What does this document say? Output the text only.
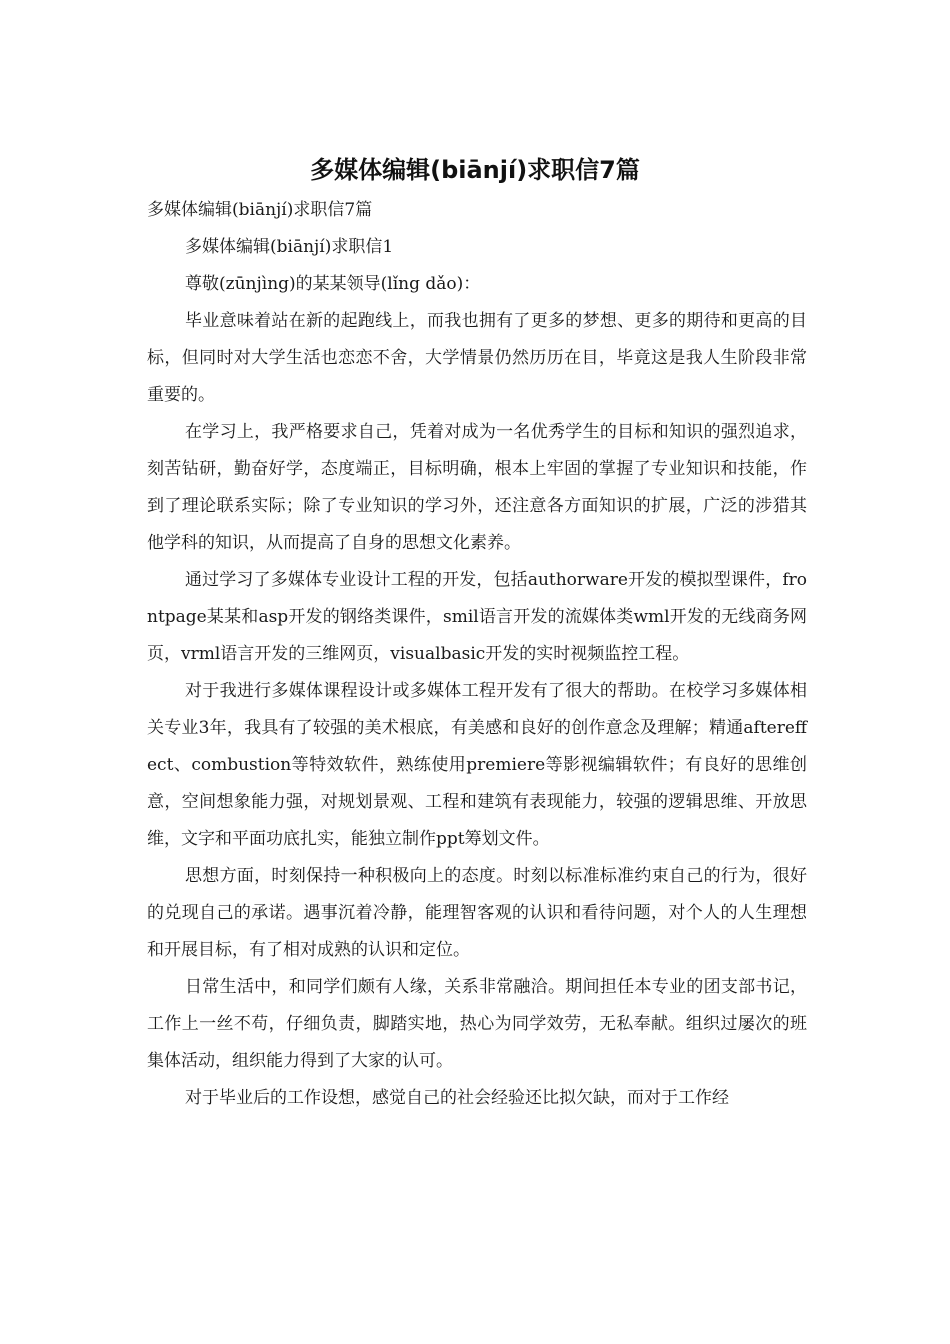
多媒体编辑(biānjí)求职信7篇

多媒体编辑(biānjí)求职信7篇

多媒体编辑(biānjí)求职信1

尊敬(zūnjìng)的某某领导(lǐng dǎo)：

毕业意味着站在新的起跑线上，而我也拥有了更多的梦想、更多的期待和更高的目标，但同时对大学生活也恋恋不舍，大学情景仍然历历在目，毕竟这是我人生阶段非常重要的。

在学习上，我严格要求自己，凭着对成为一名优秀学生的目标和知识的强烈追求，刻苦钻研，勤奋好学，态度端正，目标明确，根本上牢固的掌握了专业知识和技能，作到了理论联系实际；除了专业知识的学习外，还注意各方面知识的扩展，广泛的涉猎其他学科的知识，从而提高了自身的思想文化素养。

通过学习了多媒体专业设计工程的开发，包括authorware开发的模拟型课件，frontpage某某和asp开发的钢络类课件，smil语言开发的流媒体类wml开发的无线商务网页，vrml语言开发的三维网页，visualbasic开发的实时视频监控工程。

对于我进行多媒体课程设计或多媒体工程开发有了很大的帮助。在校学习多媒体相关专业3年，我具有了较强的美术根底，有美感和良好的创作意念及理解；精通aftereffect、combustion等特效软件，熟练使用premiere等影视编辑软件；有良好的思维创意，空间想象能力强，对规划景观、工程和建筑有表现能力，较强的逻辑思维、开放思维，文字和平面功底扎实，能独立制作ppt筹划文件。

思想方面，时刻保持一种积极向上的态度。时刻以标准标准约束自己的行为，很好的兑现自己的承诺。遇事沉着冷静，能理智客观的认识和看待问题，对个人的人生理想和开展目标，有了相对成熟的认识和定位。

日常生活中，和同学们颇有人缘，关系非常融洽。期间担任本专业的团支部书记，工作上一丝不苟，仔细负责，脚踏实地，热心为同学效劳，无私奉献。组织过屡次的班集体活动，组织能力得到了大家的认可。

对于毕业后的工作设想，感觉自己的社会经验还比拟欠缺，而对于工作经
